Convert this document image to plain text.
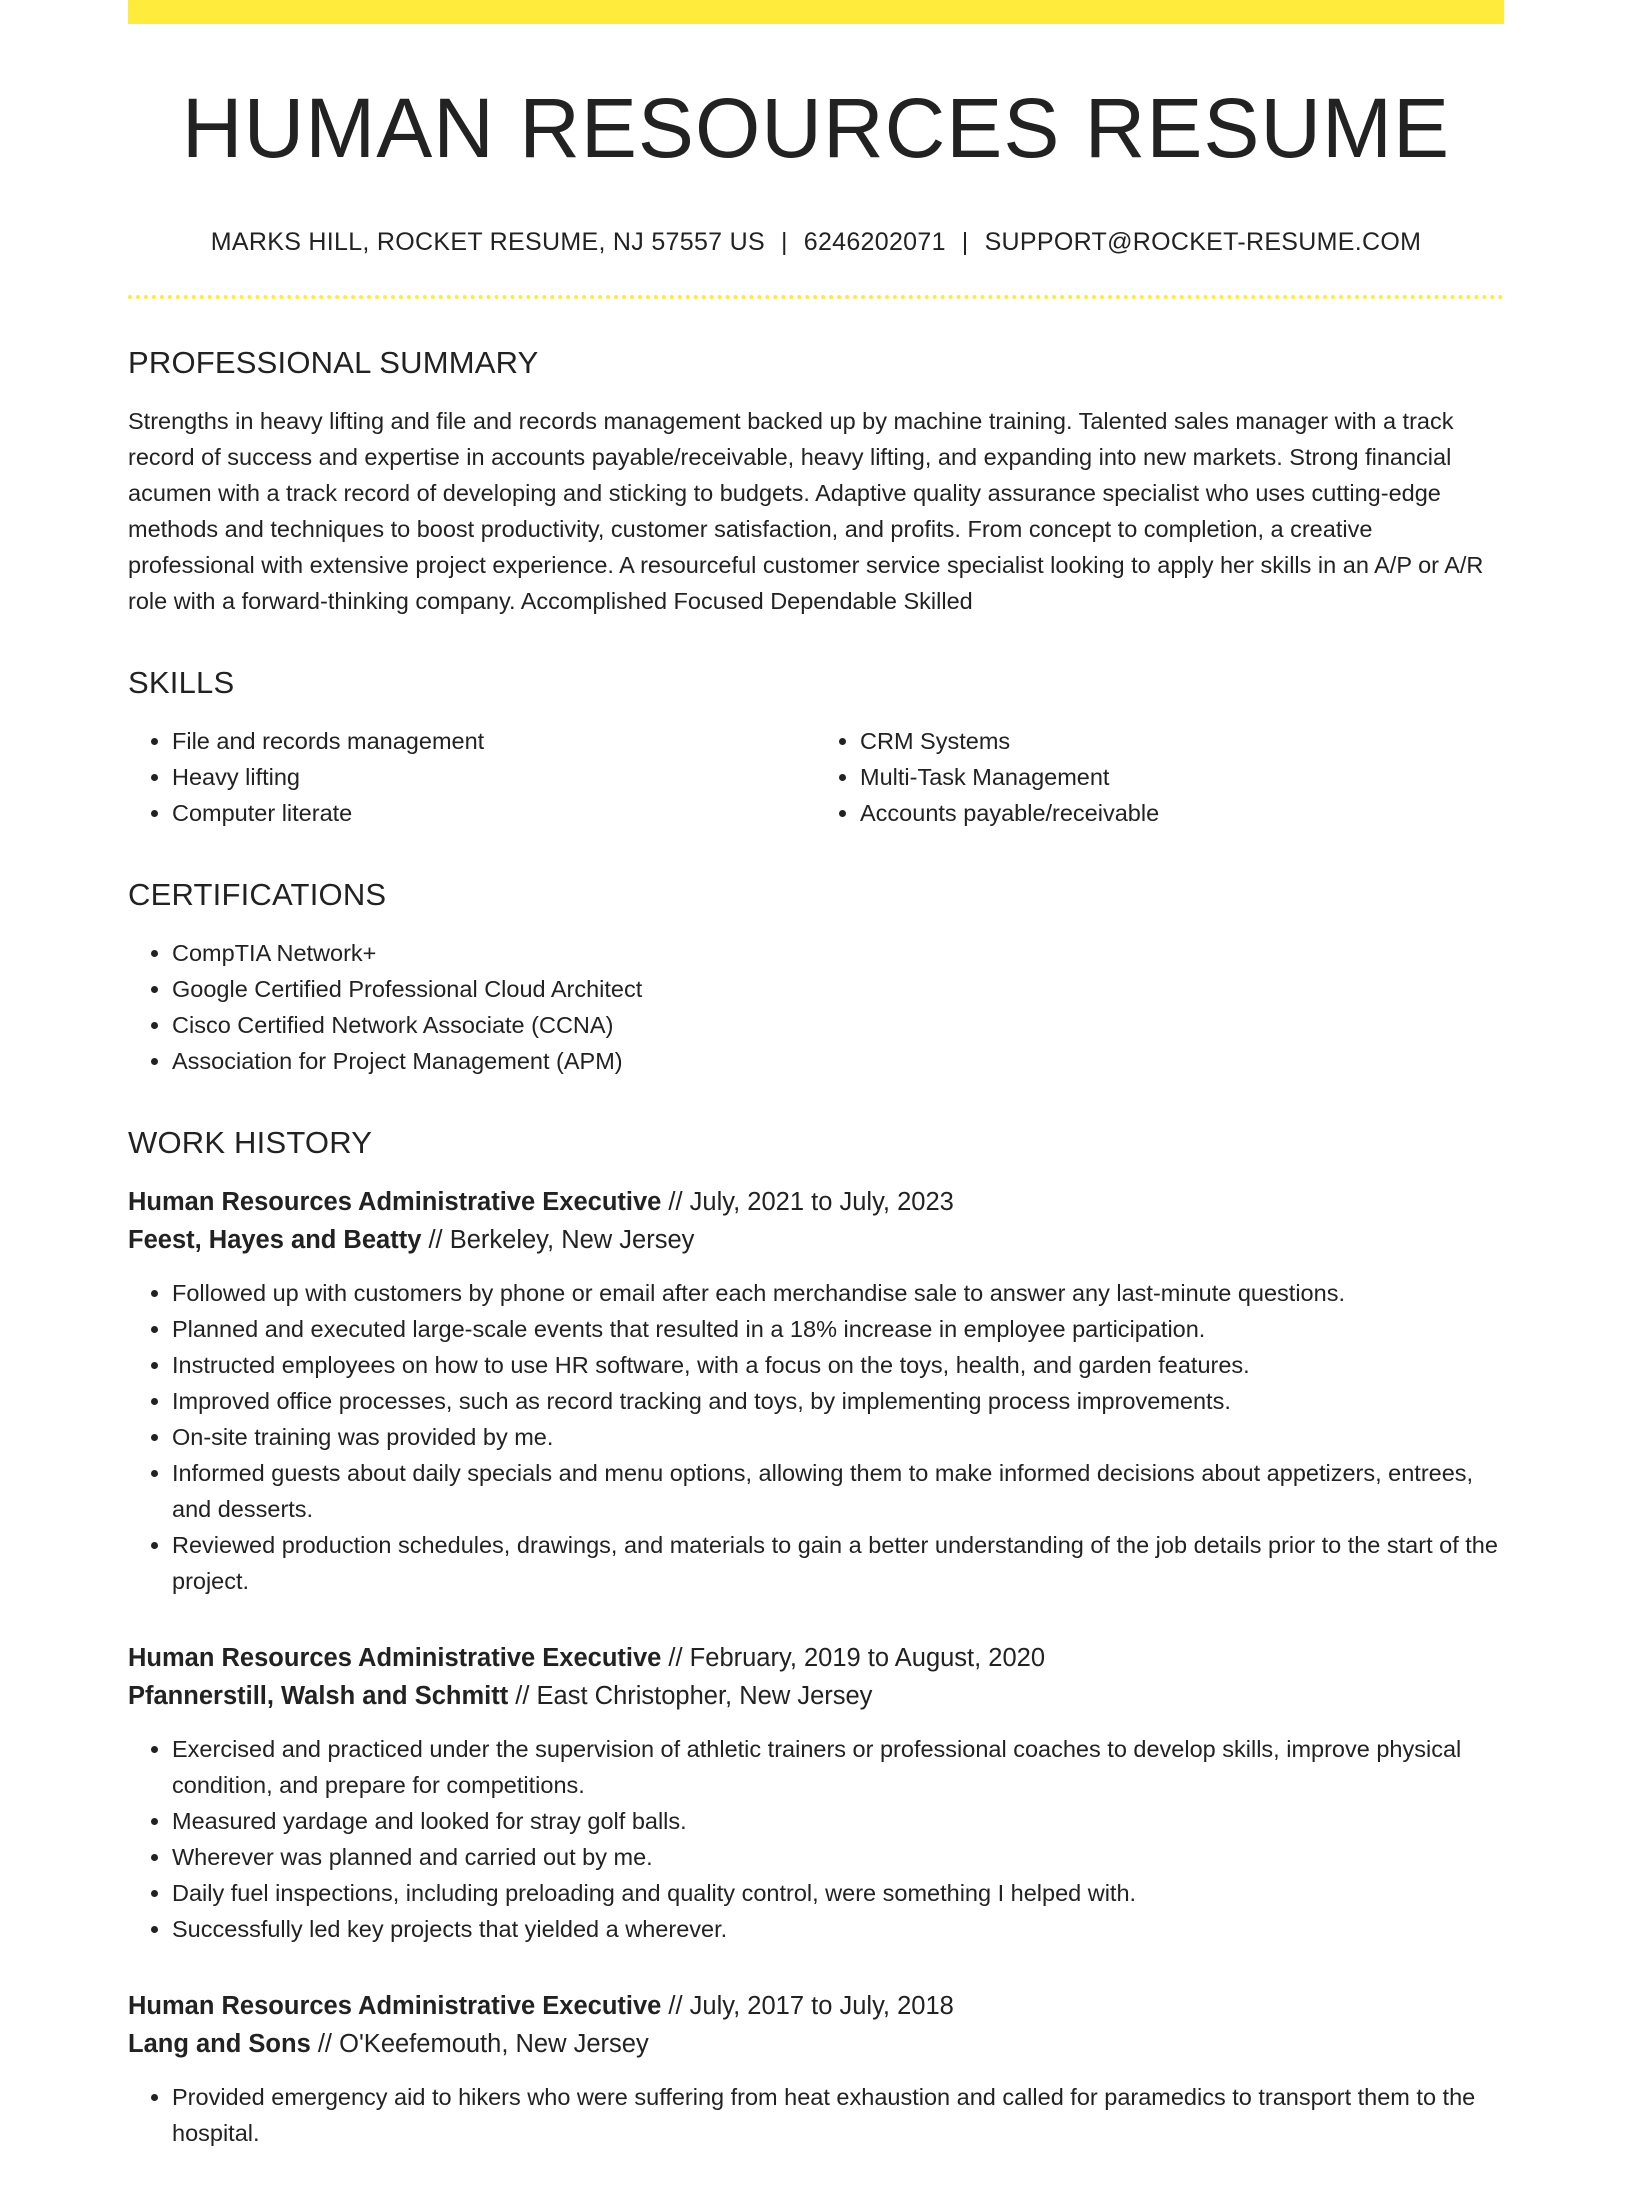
HUMAN RESOURCES RESUME
MARKS HILL, ROCKET RESUME, NJ 57557 US | 6246202071 | SUPPORT@ROCKET-RESUME.COM
PROFESSIONAL SUMMARY

Strengths in heavy lifting and file and records management backed up by machine training. Talented sales manager with a track record of success and expertise in accounts payable/receivable, heavy lifting, and expanding into new markets. Strong financial acumen with a track record of developing and sticking to budgets. Adaptive quality assurance specialist who uses cutting-edge methods and techniques to boost productivity, customer satisfaction, and profits. From concept to completion, a creative professional with extensive project experience. A resourceful customer service specialist looking to apply her skills in an A/P or A/R role with a forward-thinking company. Accomplished Focused Dependable Skilled

SKILLS
• File and records management
• Heavy lifting
• Computer literate
• CRM Systems
• Multi-Task Management
• Accounts payable/receivable
CERTIFICATIONS
• CompTIA Network+
• Google Certified Professional Cloud Architect
• Cisco Certified Network Associate (CCNA)
• Association for Project Management (APM)
WORK HISTORY

Human Resources Administrative Executive // July, 2021 to July, 2023

Feest, Hayes and Beatty // Berkeley, New Jersey

• Followed up with customers by phone or email after each merchandise sale to answer any last-minute questions.
• Planned and executed large-scale events that resulted in a 18% increase in employee participation.
• Instructed employees on how to use HR software, with a focus on the toys, health, and garden features.
• Improved office processes, such as record tracking and toys, by implementing process improvements.
• On-site training was provided by me.
• Informed guests about daily specials and menu options, allowing them to make informed decisions about appetizers, entrees, and desserts.
• Reviewed production schedules, drawings, and materials to gain a better understanding of the job details prior to the start of the project.

Human Resources Administrative Executive // February, 2019 to August, 2020

Pfannerstill, Walsh and Schmitt // East Christopher, New Jersey

• Exercised and practiced under the supervision of athletic trainers or professional coaches to develop skills, improve physical condition, and prepare for competitions.
• Measured yardage and looked for stray golf balls.
• Wherever was planned and carried out by me.
• Daily fuel inspections, including preloading and quality control, were something I helped with.
• Successfully led key projects that yielded a wherever.

Human Resources Administrative Executive // July, 2017 to July, 2018

Lang and Sons // O'Keefemouth, New Jersey

• Provided emergency aid to hikers who were suffering from heat exhaustion and called for paramedics to transport them to the hospital.
